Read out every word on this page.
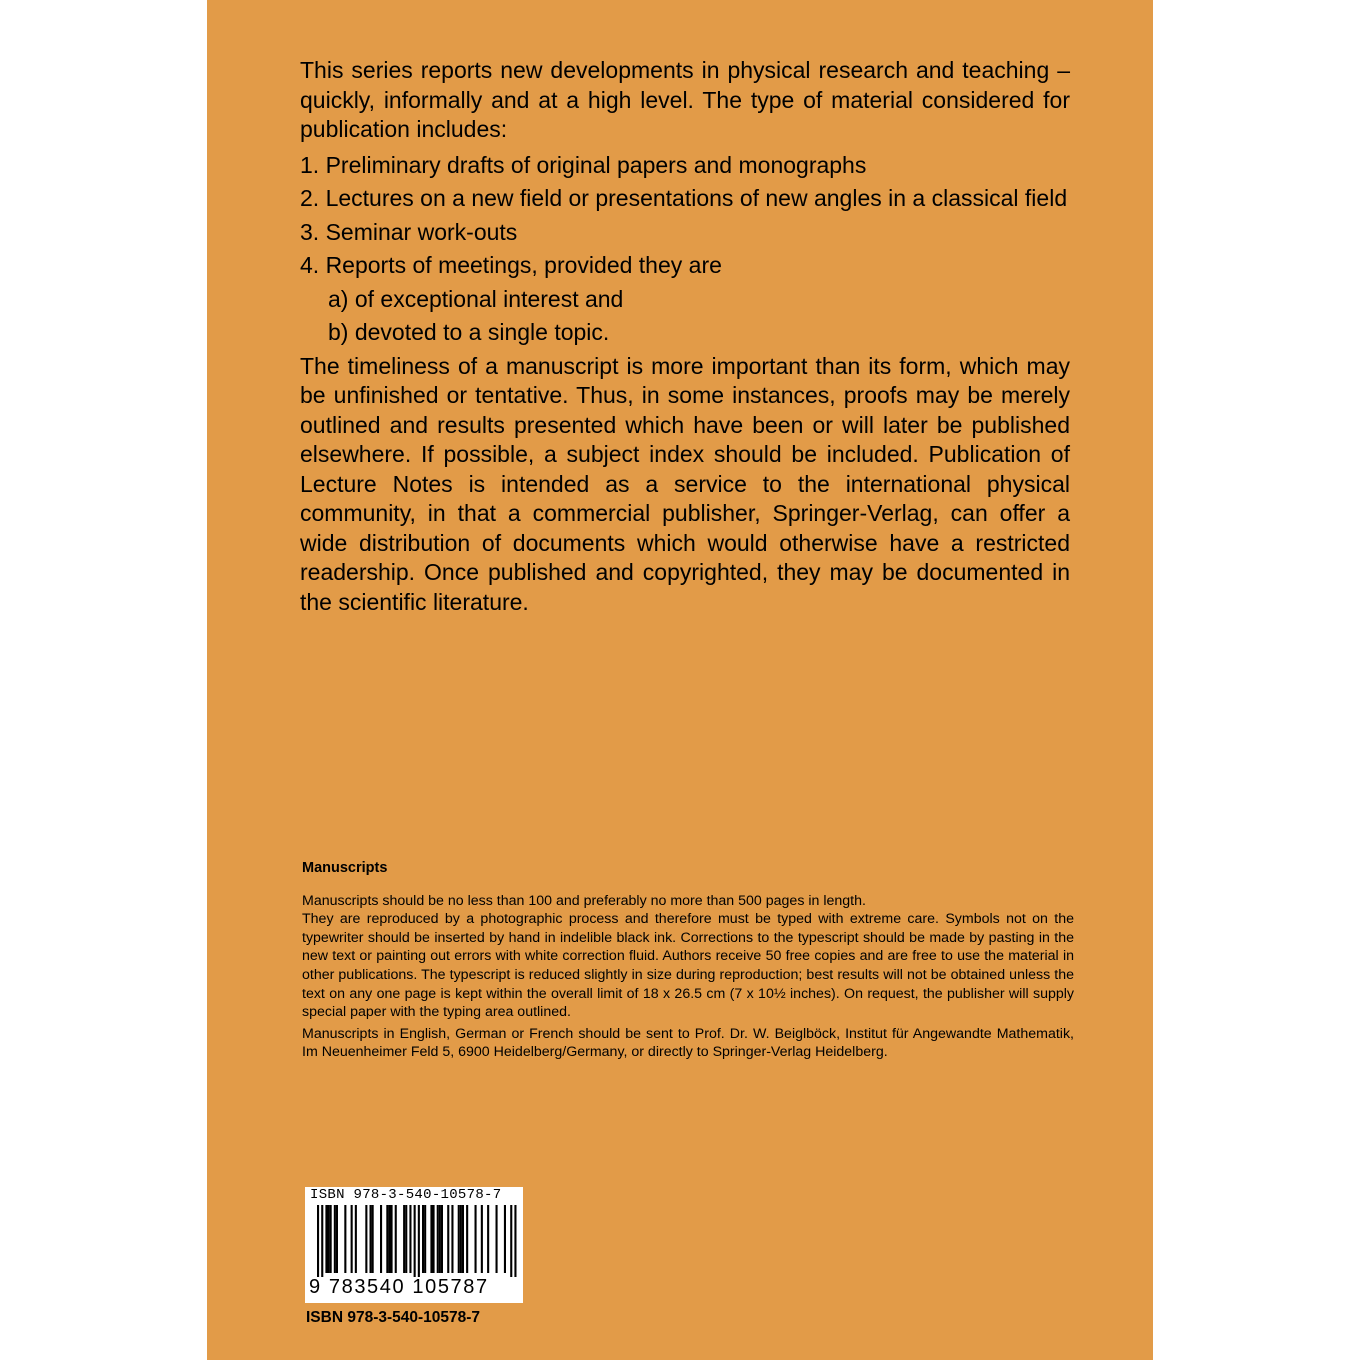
This series reports new developments in physical research and teaching – quickly, informally and at a high level. The type of material considered for publication includes:

1. Preliminary drafts of original papers and monographs

2. Lectures on a new field or presentations of new angles in a classical field

3. Seminar work-outs

4. Reports of meetings, provided they are

a) of exceptional interest and

b) devoted to a single topic.

The timeliness of a manuscript is more important than its form, which may be unfinished or tentative. Thus, in some instances, proofs may be merely outlined and results presented which have been or will later be published elsewhere. If possible, a subject index should be included. Publication of Lecture Notes is intended as a service to the international physical community, in that a commercial publisher, Springer-Verlag, can offer a wide distribution of documents which would otherwise have a restricted readership. Once published and copyrighted, they may be documented in the scientific literature.

Manuscripts

Manuscripts should be no less than 100 and preferably no more than 500 pages in length.

They are reproduced by a photographic process and therefore must be typed with extreme care. Symbols not on the typewriter should be inserted by hand in indelible black ink. Corrections to the typescript should be made by pasting in the new text or painting out errors with white correction fluid. Authors receive 50 free copies and are free to use the material in other publications. The typescript is reduced slightly in size during reproduction; best results will not be obtained unless the text on any one page is kept within the overall limit of 18 x 26.5 cm (7 x 10½ inches). On request, the publisher will supply special paper with the typing area outlined.

Manuscripts in English, German or French should be sent to Prof. Dr. W. Beiglböck, Institut für Angewandte Mathematik, Im Neuenheimer Feld 5, 6900 Heidelberg/Germany, or directly to Springer-Verlag Heidelberg.

ISBN 978-3-540-10578-7
9 783540 105787
ISBN 978-3-540-10578-7
